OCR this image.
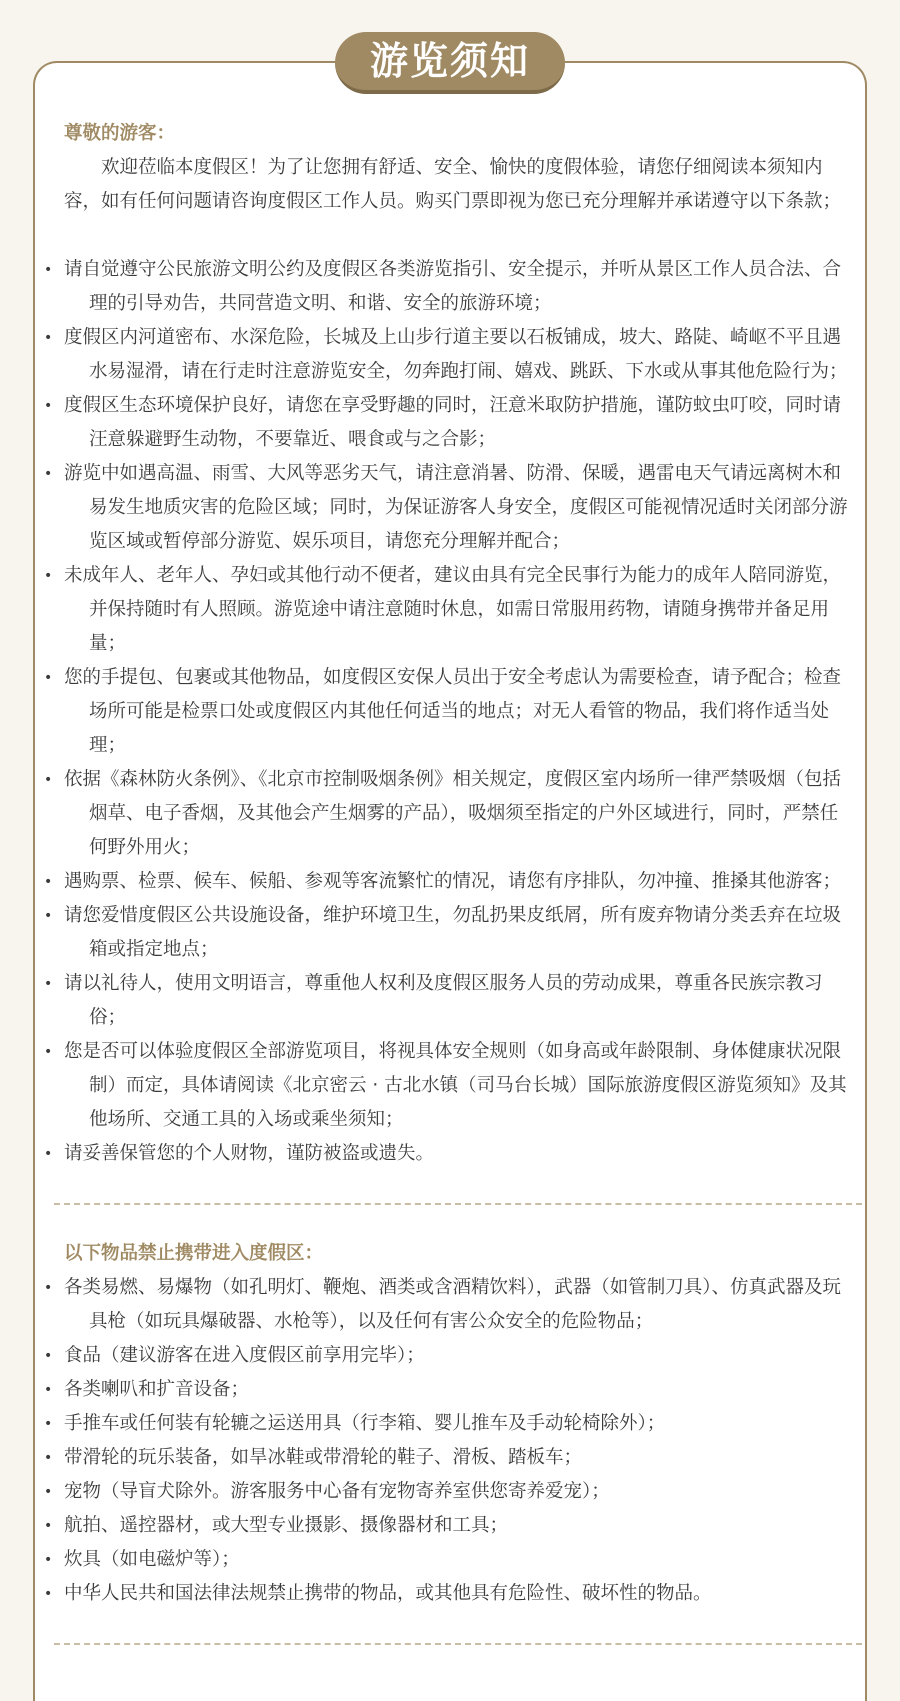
游览须知
尊敬的游客：

欢迎莅临本度假区！为了让您拥有舒适、安全、愉快的度假体验，请您仔细阅读本须知内容，如有任何问题请咨询度假区工作人员。购买门票即视为您已充分理解并承诺遵守以下条款；

• 请自觉遵守公民旅游文明公约及度假区各类游览指引、安全提示，并听从景区工作人员合法、合理的引导劝告，共同营造文明、和谐、安全的旅游环境；
• 度假区内河道密布、水深危险，长城及上山步行道主要以石板铺成，坡大、路陡、崎岖不平且遇水易湿滑，请在行走时注意游览安全，勿奔跑打闹、嬉戏、跳跃、下水或从事其他危险行为；
• 度假区生态环境保护良好，请您在享受野趣的同时，汪意米取防护措施，谨防蚊虫叮咬，同时请汪意躲避野生动物，不要靠近、喂食或与之合影；
• 游览中如遇高温、雨雪、大风等恶劣天气，请注意消暑、防滑、保暖，遇雷电天气请远离树木和易发生地质灾害的危险区域；同时，为保证游客人身安全，度假区可能视情况适时关闭部分游览区域或暂停部分游览、娱乐项目，请您充分理解并配合；
• 未成年人、老年人、孕妇或其他行动不便者，建议由具有完全民事行为能力的成年人陪同游览，并保持随时有人照顾。游览途中请注意随时休息，如需日常服用药物，请随身携带并备足用量；
• 您的手提包、包裹或其他物品，如度假区安保人员出于安全考虑认为需要检查，请予配合；检查场所可能是检票口处或度假区内其他任何适当的地点；对无人看管的物品，我们将作适当处理；
• 依据《森林防火条例》、《北京市控制吸烟条例》相关规定，度假区室内场所一律严禁吸烟（包括烟草、电子香烟，及其他会产生烟雾的产品），吸烟须至指定的户外区域进行，同时，严禁任何野外用火；
• 遇购票、检票、候车、候船、参观等客流繁忙的情况，请您有序排队，勿冲撞、推搡其他游客；
• 请您爱惜度假区公共设施设备，维护环境卫生，勿乱扔果皮纸屑，所有废弃物请分类丢弃在垃圾箱或指定地点；
• 请以礼待人，使用文明语言，尊重他人权利及度假区服务人员的劳动成果，尊重各民族宗教习俗；
• 您是否可以体验度假区全部游览项目，将视具体安全规则（如身高或年龄限制、身体健康状况限制）而定，具体请阅读《北京密云 · 古北水镇（司马台长城）国际旅游度假区游览须知》及其他场所、交通工具的入场或乘坐须知；
• 请妥善保管您的个人财物，谨防被盗或遗失。
以下物品禁止携带进入度假区：
• 各类易燃、易爆物（如孔明灯、鞭炮、酒类或含酒精饮料），武器（如管制刀具）、仿真武器及玩具枪（如玩具爆破器、水枪等），以及任何有害公众安全的危险物品；
• 食品（建议游客在进入度假区前享用完毕）；
• 各类喇叭和扩音设备；
• 手推车或任何装有轮辘之运送用具（行李箱、婴儿推车及手动轮椅除外）；
• 带滑轮的玩乐装备，如旱冰鞋或带滑轮的鞋子、滑板、踏板车；
• 宠物（导盲犬除外。游客服务中心备有宠物寄养室供您寄养爱宠）；
• 航拍、遥控器材，或大型专业摄影、摄像器材和工具；
• 炊具（如电磁炉等）；
• 中华人民共和国法律法规禁止携带的物品，或其他具有危险性、破坏性的物品。
